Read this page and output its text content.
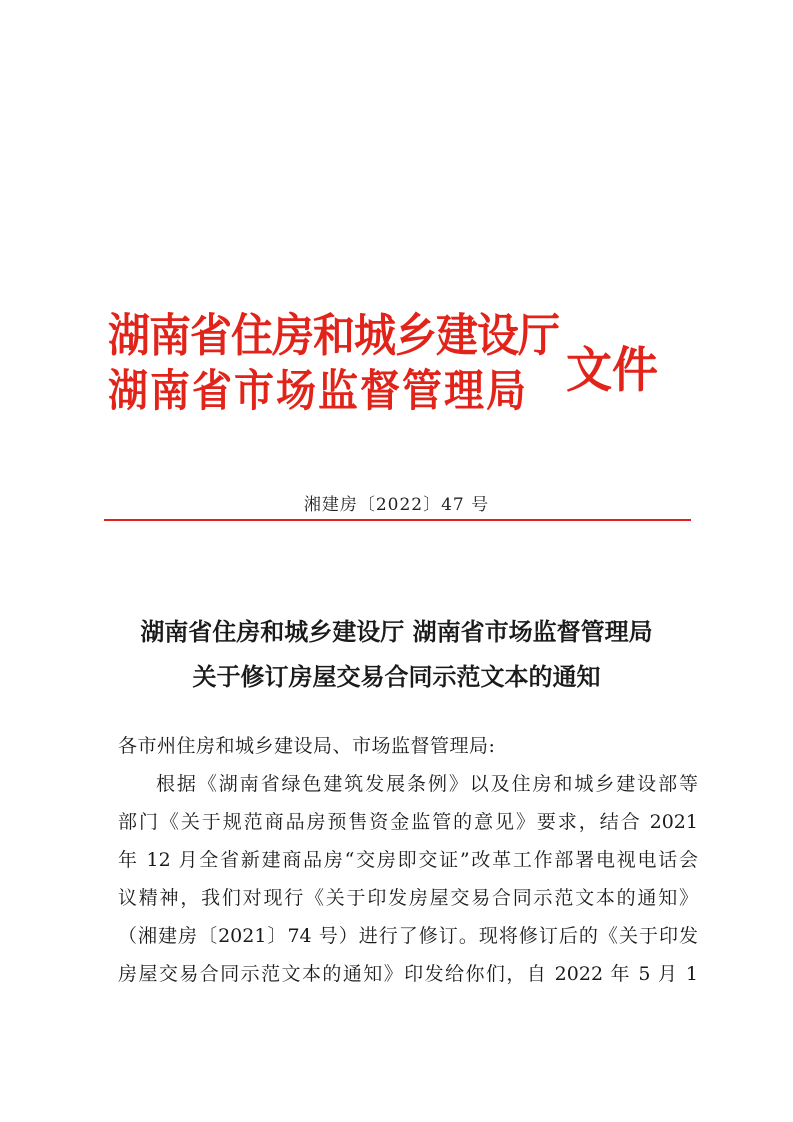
湖南省住房和城乡建设厅
湖南省市场监督管理局 文件
湘建房〔2022〕47 号
湖南省住房和城乡建设厅 湖南省市场监督管理局
关于修订房屋交易合同示范文本的通知
各市州住房和城乡建设局、市场监督管理局:
根据《湖南省绿色建筑发展条例》以及住房和城乡建设部等
部门《关于规范商品房预售资金监管的意见》要求，结合 2021
年 12 月全省新建商品房“交房即交证”改革工作部署电视电话会
议精神，我们对现行《关于印发房屋交易合同示范文本的通知》
（湘建房〔2021〕74 号）进行了修订。现将修订后的《关于印发
房屋交易合同示范文本的通知》印发给你们，自 2022 年 5 月 1
